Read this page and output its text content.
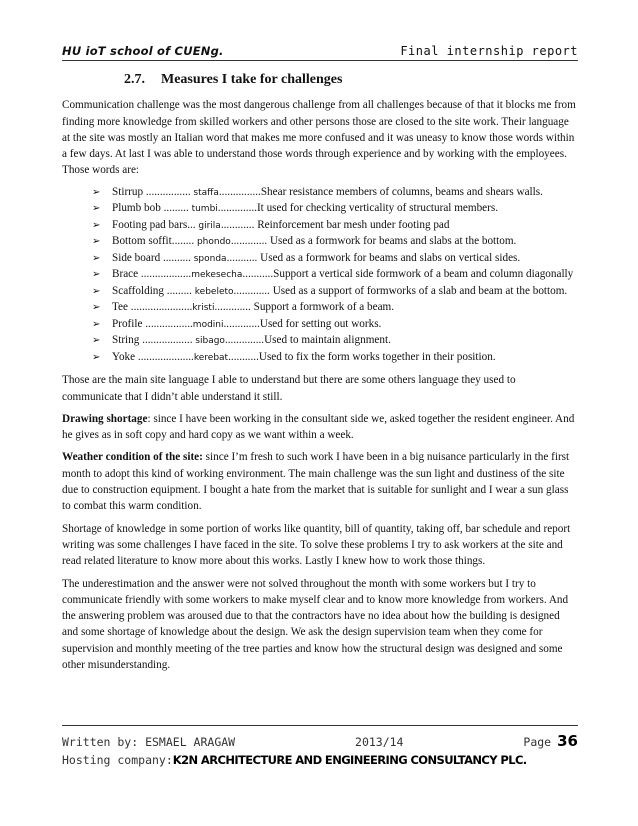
HU ioT school of CUENg.	Final internship report
2.7. Measures I take for challenges

Communication challenge was the most dangerous challenge from all challenges because of that it blocks me from finding more knowledge from skilled workers and other persons those are closed to the site work. Their language at the site was mostly an Italian word that makes me more confused and it was uneasy to know those words within a few days. At last I was able to understand those words through experience and by working with the employees. Those words are:

➢ Stirrup ................ staffa...............Shear resistance members of columns, beams and shears walls.
➢ Plumb bob ......... tumbi..............It used for checking verticality of structural members.
➢ Footing pad bars... girila............ Reinforcement bar mesh under footing pad
➢ Bottom soffit........ phondo............. Used as a formwork for beams and slabs at the bottom.
➢ Side board .......... sponda........... Used as a formwork for beams and slabs on vertical sides.
➢ Brace ..................mekesecha...........Support a vertical side formwork of a beam and column diagonally
➢ Scaffolding ......... kebeleto............. Used as a support of formworks of a slab and beam at the bottom.
➢ Tee ......................kristi............. Support a formwork of a beam.
➢ Profile .................modini.............Used for setting out works.
➢ String .................. sibago..............Used to maintain alignment.
➢ Yoke ....................kerebat...........Used to fix the form works together in their position.

Those are the main site language I able to understand but there are some others language they used to communicate that I didn’t able understand it still.

Drawing shortage: since I have been working in the consultant side we, asked together the resident engineer. And he gives as in soft copy and hard copy as we want within a week.

Weather condition of the site: since I’m fresh to such work I have been in a big nuisance particularly in the first month to adopt this kind of working environment. The main challenge was the sun light and dustiness of the site due to construction equipment. I bought a hate from the market that is suitable for sunlight and I wear a sun glass to combat this warm condition.

Shortage of knowledge in some portion of works like quantity, bill of quantity, taking off, bar schedule and report writing was some challenges I have faced in the site. To solve these problems I try to ask workers at the site and read related literature to know more about this works. Lastly I knew how to work those things.

The underestimation and the answer were not solved throughout the month with some workers but I try to communicate friendly with some workers to make myself clear and to know more knowledge from workers. And the answering problem was aroused due to that the contractors have no idea about how the building is designed and some shortage of knowledge about the design. We ask the design supervision team when they come for supervision and monthly meeting of the tree parties and know how the structural design was designed and some other misunderstanding.

Written by: ESMAEL ARAGAW	2013/14	Page 36
Hosting company: K2N ARCHITECTURE AND ENGINEERING CONSULTANCY PLC.
